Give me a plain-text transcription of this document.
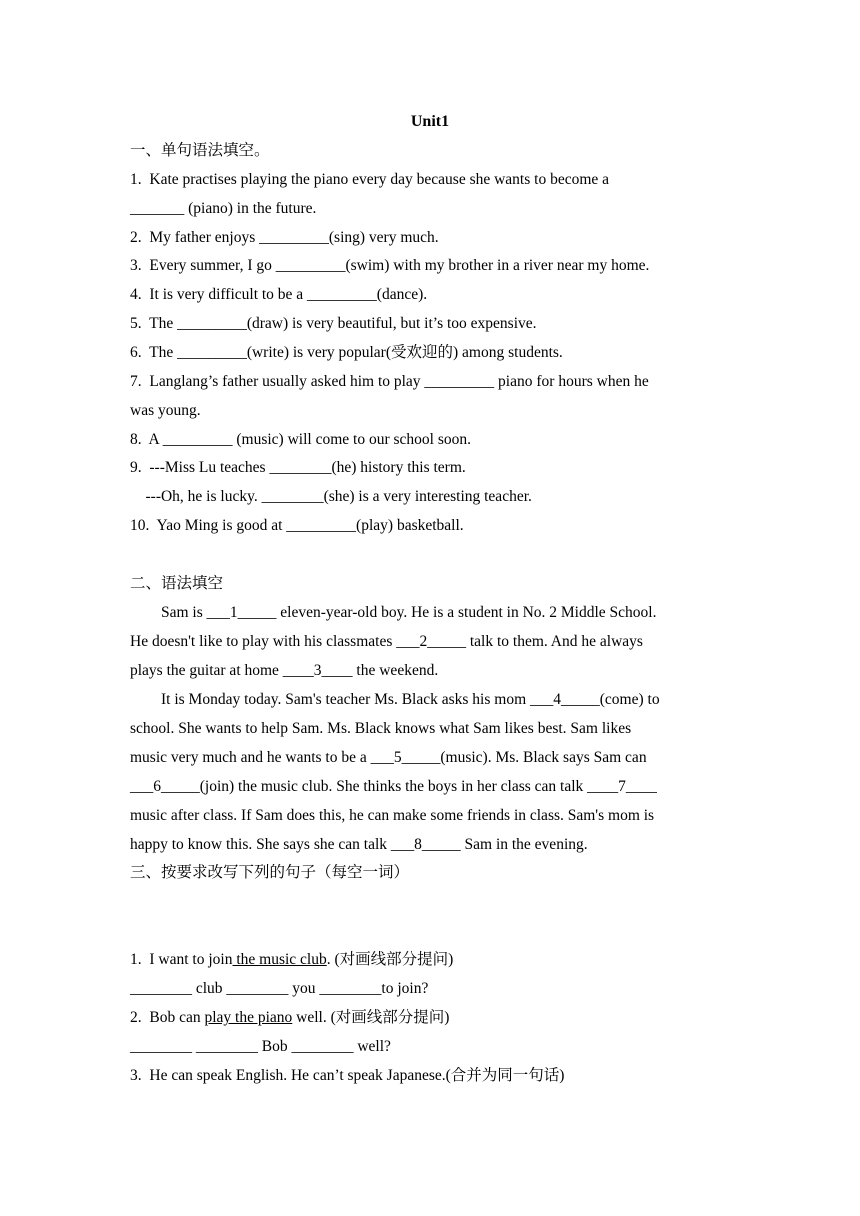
Unit1
一、单句语法填空。
1.  Kate practises playing the piano every day because she wants to become a
_______ (piano) in the future.
2.  My father enjoys _________(sing) very much.
3.  Every summer, I go _________(swim) with my brother in a river near my home.
4.  It is very difficult to be a _________(dance).
5.  The _________(draw) is very beautiful, but it’s too expensive.
6.  The _________(write) is very popular(受欢迎的) among students.
7.  Langlang’s father usually asked him to play _________ piano for hours when he
was young.
8.  A _________ (music) will come to our school soon.
9.  ---Miss Lu teaches ________(he) history this term.
---Oh, he is lucky. ________(she) is a very interesting teacher.
10.  Yao Ming is good at _________(play) basketball.
二、语法填空
Sam is ___1_____ eleven-year-old boy. He is a student in No. 2 Middle School.
He doesn't like to play with his classmates ___2_____ talk to them. And he always
plays the guitar at home ____3____ the weekend.
It is Monday today. Sam's teacher Ms. Black asks his mom ___4_____(come) to
school. She wants to help Sam. Ms. Black knows what Sam likes best. Sam likes
music very much and he wants to be a ___5_____(music). Ms. Black says Sam can
___6_____(join) the music club. She thinks the boys in her class can talk ____7____
music after class. If Sam does this, he can make some friends in class. Sam's mom is
happy to know this. She says she can talk ___8_____ Sam in the evening.
三、按要求改写下列的句子（每空一词）
1.  I want to join the music club. (对画线部分提问)
________ club ________ you ________to join?
2.  Bob can play the piano well. (对画线部分提问)
________ ________ Bob ________ well?
3.  He can speak English. He can’t speak Japanese.(合并为同一句话)
